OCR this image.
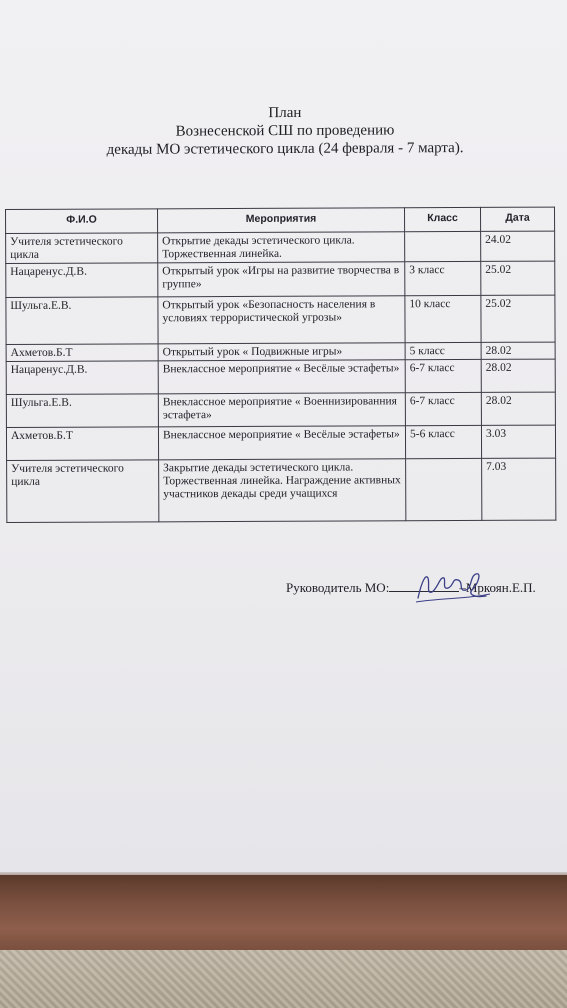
План
Вознесенской СШ по проведению
декады МО эстетического цикла (24 февраля - 7 марта).
Ф.И.О	Мероприятия	Класс	Дата
Учителя эстетического цикла	Открытие декады эстетического цикла. Торжественная линейка.		24.02
Нацаренус.Д.В.	Открытый урок «Игры на развитие творчества в группе»	3 класс	25.02
Шульга.Е.В.	Открытый урок «Безопасность населения в условиях террористической угрозы»	10 класс	25.02
Ахметов.Б.Т	Открытый урок « Подвижные игры»	5 класс	28.02
Нацаренус.Д.В.	Внеклассное мероприятие « Весёлые эстафеты»	6-7 класс	28.02
Шульга.Е.В.	Внеклассное мероприятие « Военнизированния эстафета»	6-7 класс	28.02
Ахметов.Б.Т	Внеклассное мероприятие « Весёлые эстафеты»	5-6 класс	3.03
Учителя эстетического цикла	Закрытие декады эстетического цикла. Торжественная линейка. Награждение активных участников декады среди учащихся		7.03
Руководитель МО:	–Мркоян.Е.П.
